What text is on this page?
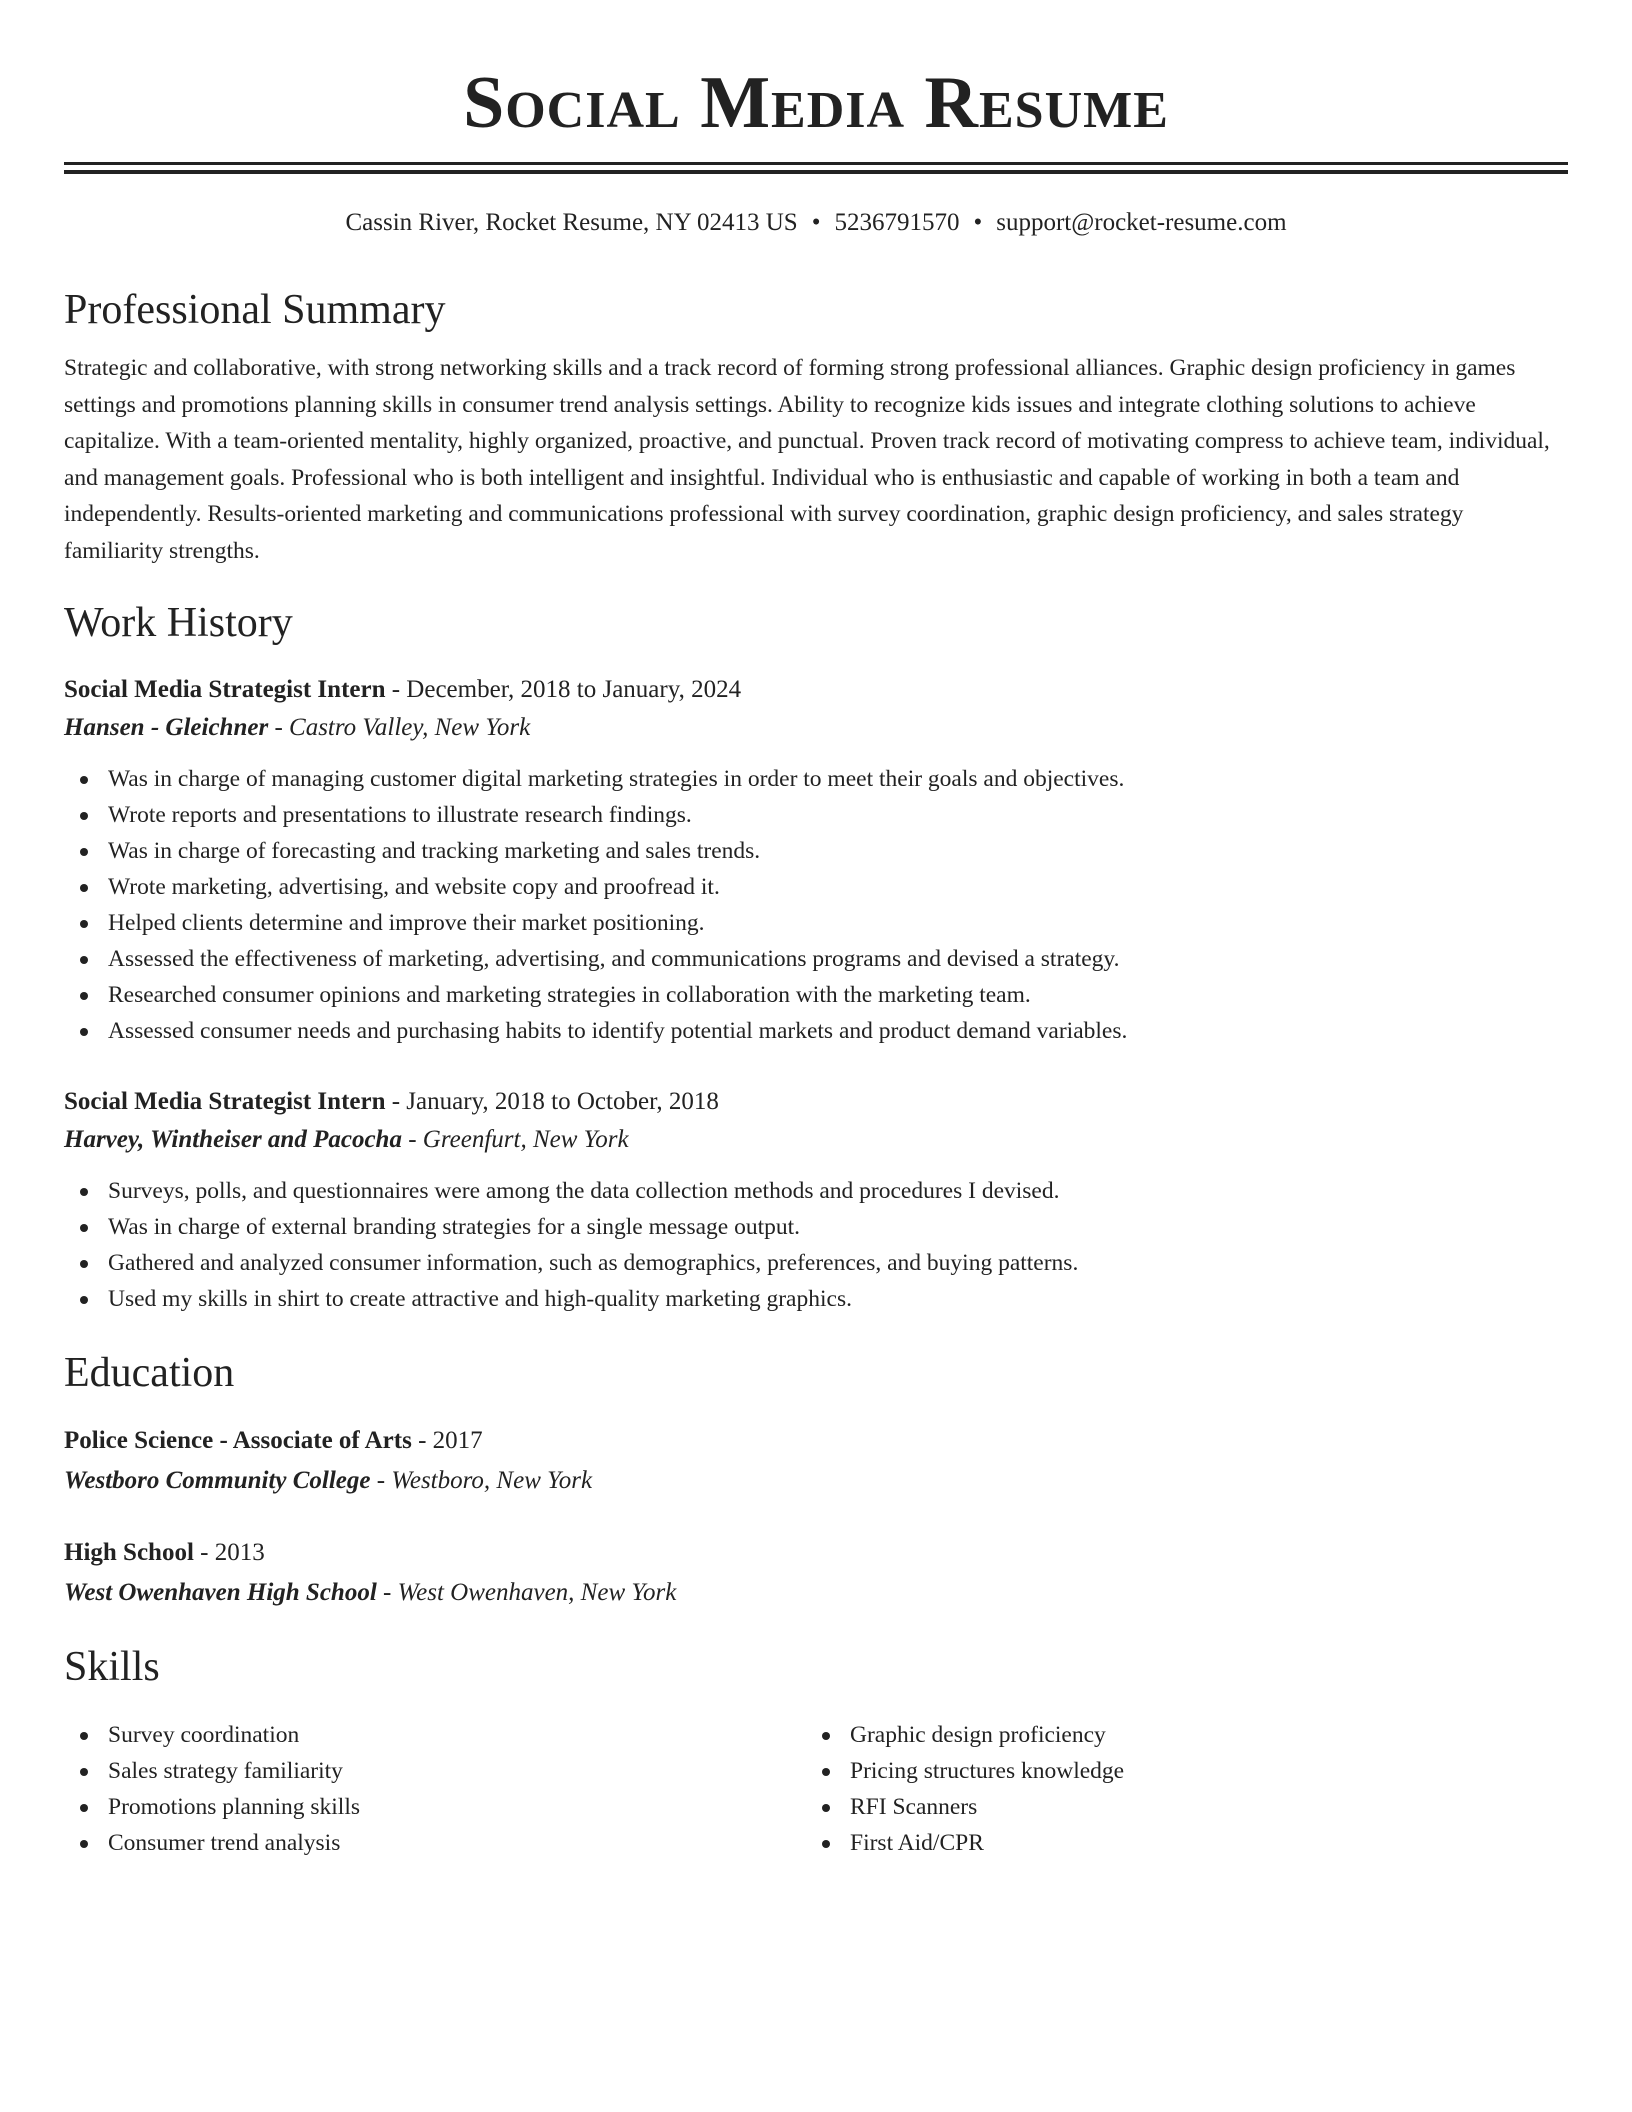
Social Media Resume
Cassin River, Rocket Resume, NY 02413 US • 5236791570 • support@rocket-resume.com
Professional Summary

Strategic and collaborative, with strong networking skills and a track record of forming strong professional alliances. Graphic design proficiency in games settings and promotions planning skills in consumer trend analysis settings. Ability to recognize kids issues and integrate clothing solutions to achieve capitalize. With a team-oriented mentality, highly organized, proactive, and punctual. Proven track record of motivating compress to achieve team, individual, and management goals. Professional who is both intelligent and insightful. Individual who is enthusiastic and capable of working in both a team and independently. Results-oriented marketing and communications professional with survey coordination, graphic design proficiency, and sales strategy familiarity strengths.

Work History
Social Media Strategist Intern - December, 2018 to January, 2024
Hansen - Gleichner - Castro Valley, New York
Was in charge of managing customer digital marketing strategies in order to meet their goals and objectives.
Wrote reports and presentations to illustrate research findings.
Was in charge of forecasting and tracking marketing and sales trends.
Wrote marketing, advertising, and website copy and proofread it.
Helped clients determine and improve their market positioning.
Assessed the effectiveness of marketing, advertising, and communications programs and devised a strategy.
Researched consumer opinions and marketing strategies in collaboration with the marketing team.
Assessed consumer needs and purchasing habits to identify potential markets and product demand variables.
Social Media Strategist Intern - January, 2018 to October, 2018
Harvey, Wintheiser and Pacocha - Greenfurt, New York
Surveys, polls, and questionnaires were among the data collection methods and procedures I devised.
Was in charge of external branding strategies for a single message output.
Gathered and analyzed consumer information, such as demographics, preferences, and buying patterns.
Used my skills in shirt to create attractive and high-quality marketing graphics.
Education
Police Science - Associate of Arts - 2017
Westboro Community College - Westboro, New York
High School - 2013
West Owenhaven High School - West Owenhaven, New York
Skills
Survey coordination
Sales strategy familiarity
Promotions planning skills
Consumer trend analysis
Graphic design proficiency
Pricing structures knowledge
RFI Scanners
First Aid/CPR
